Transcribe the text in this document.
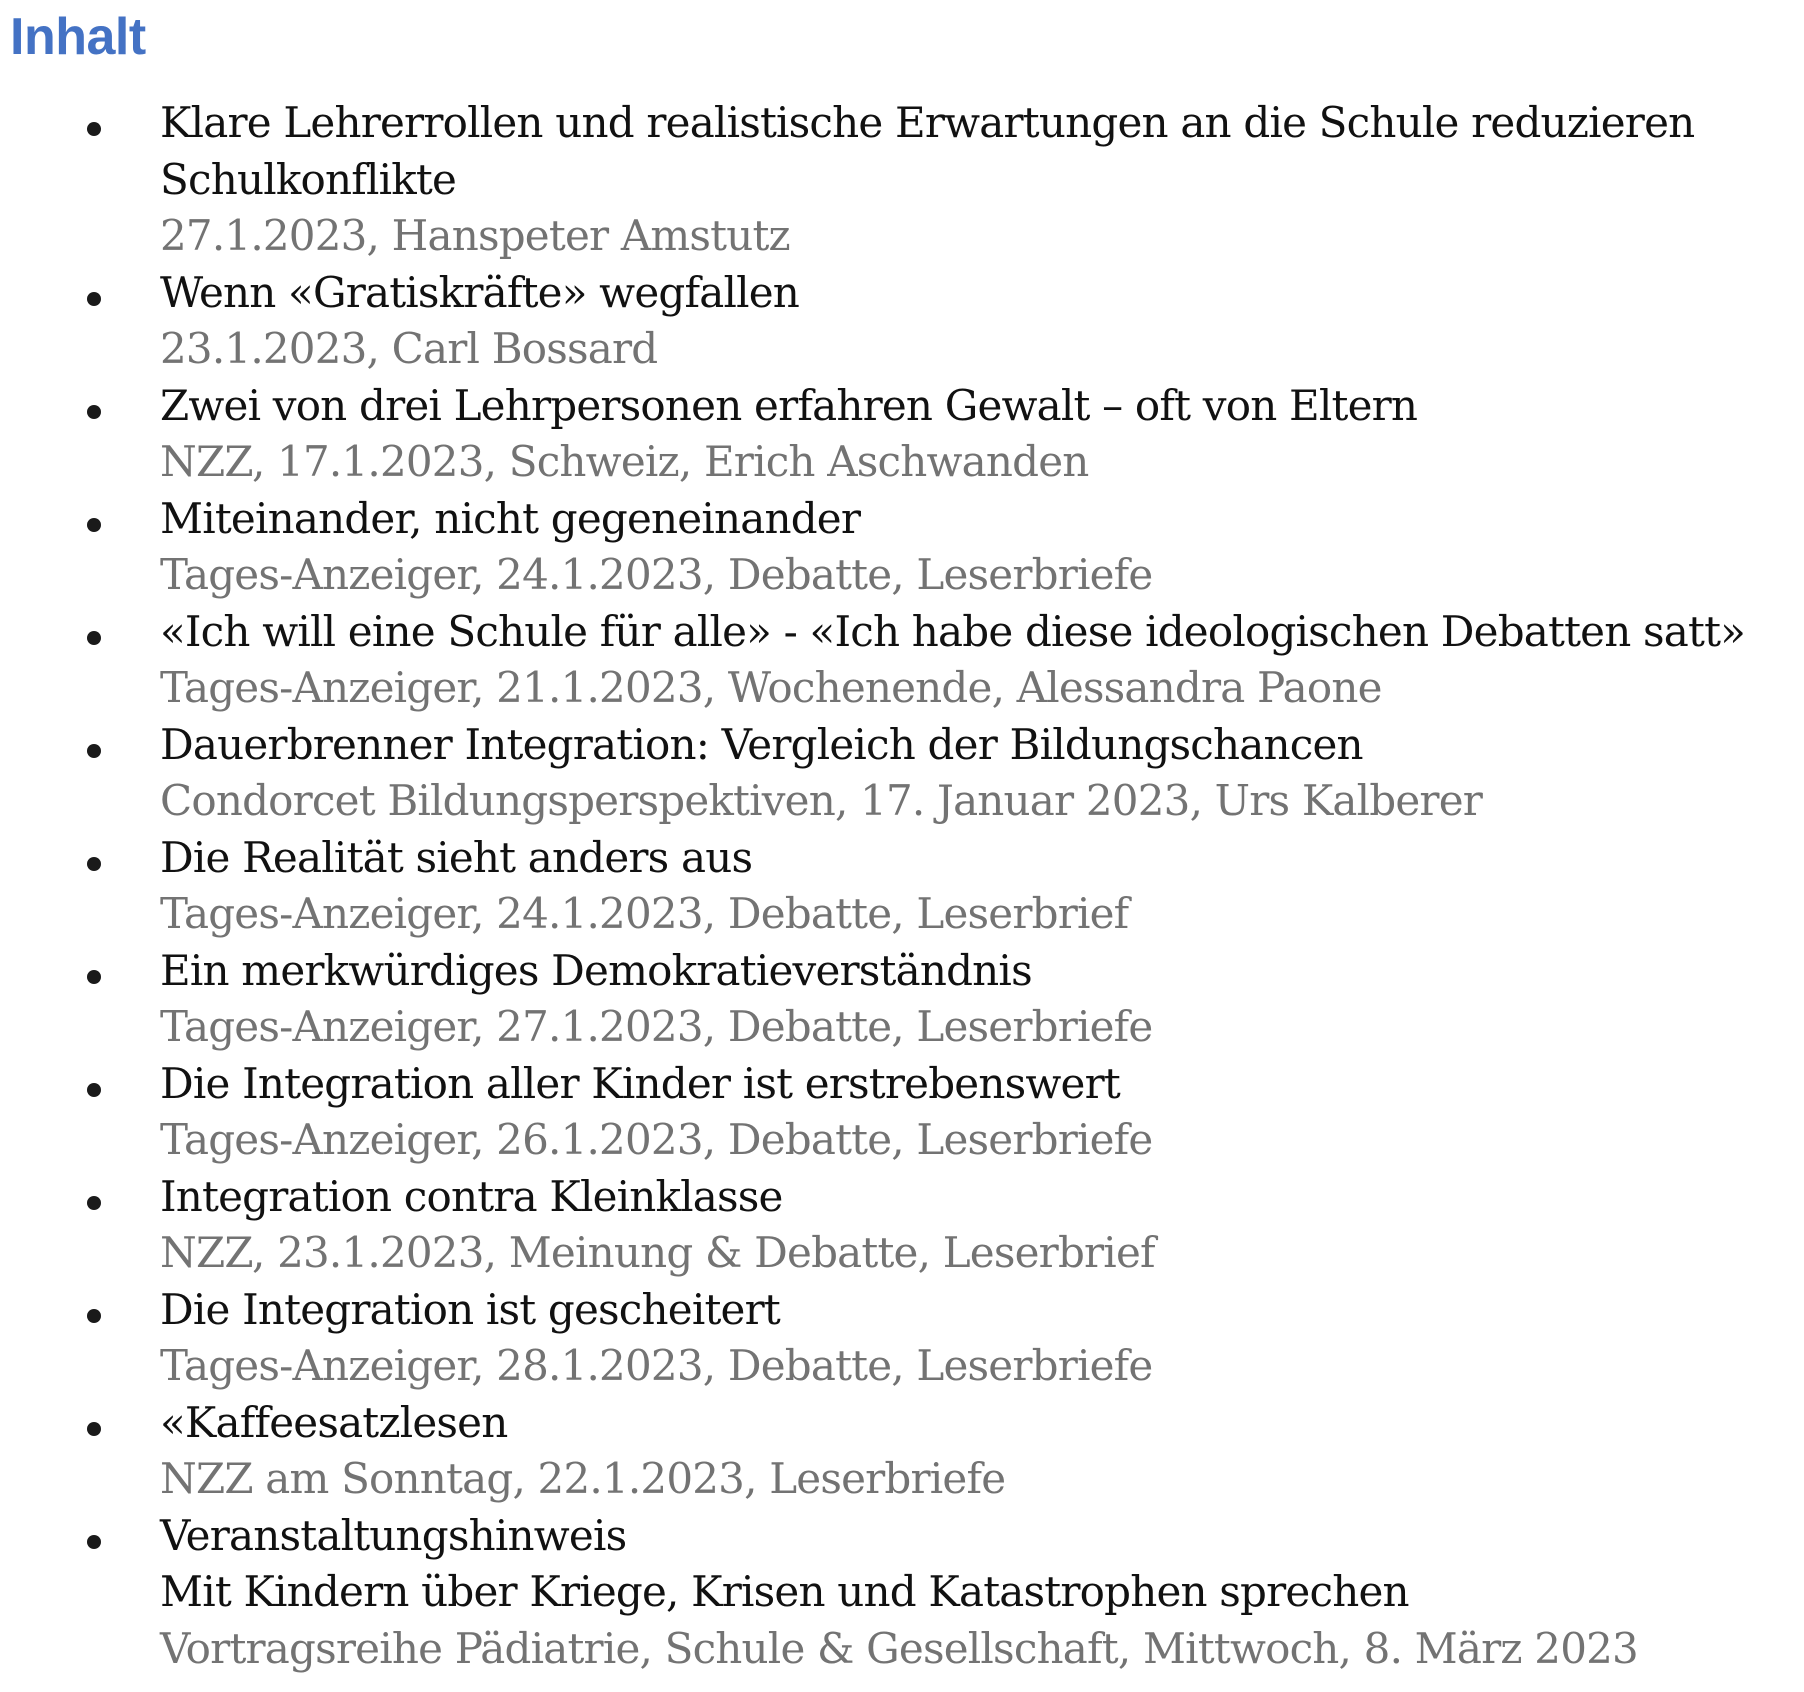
Inhalt
Klare Lehrerrollen und realistische Erwartungen an die Schule reduzieren
Schulkonflikte
27.1.2023, Hanspeter Amstutz
Wenn «Gratiskräfte» wegfallen
23.1.2023, Carl Bossard
Zwei von drei Lehrpersonen erfahren Gewalt – oft von Eltern
NZZ, 17.1.2023, Schweiz, Erich Aschwanden
Miteinander, nicht gegeneinander
Tages-Anzeiger, 24.1.2023, Debatte, Leserbriefe
«Ich will eine Schule für alle» - «Ich habe diese ideologischen Debatten satt»
Tages-Anzeiger, 21.1.2023, Wochenende, Alessandra Paone
Dauerbrenner Integration: Vergleich der Bildungschancen
Condorcet Bildungsperspektiven, 17. Januar 2023, Urs Kalberer
Die Realität sieht anders aus
Tages-Anzeiger, 24.1.2023, Debatte, Leserbrief
Ein merkwürdiges Demokratieverständnis
Tages-Anzeiger, 27.1.2023, Debatte, Leserbriefe
Die Integration aller Kinder ist erstrebenswert
Tages-Anzeiger, 26.1.2023, Debatte, Leserbriefe
Integration contra Kleinklasse
NZZ, 23.1.2023, Meinung & Debatte, Leserbrief
Die Integration ist gescheitert
Tages-Anzeiger, 28.1.2023, Debatte, Leserbriefe
«Kaffeesatzlesen
NZZ am Sonntag, 22.1.2023, Leserbriefe
Veranstaltungshinweis
Mit Kindern über Kriege, Krisen und Katastrophen sprechen
Vortragsreihe Pädiatrie, Schule & Gesellschaft, Mittwoch, 8. März 2023
